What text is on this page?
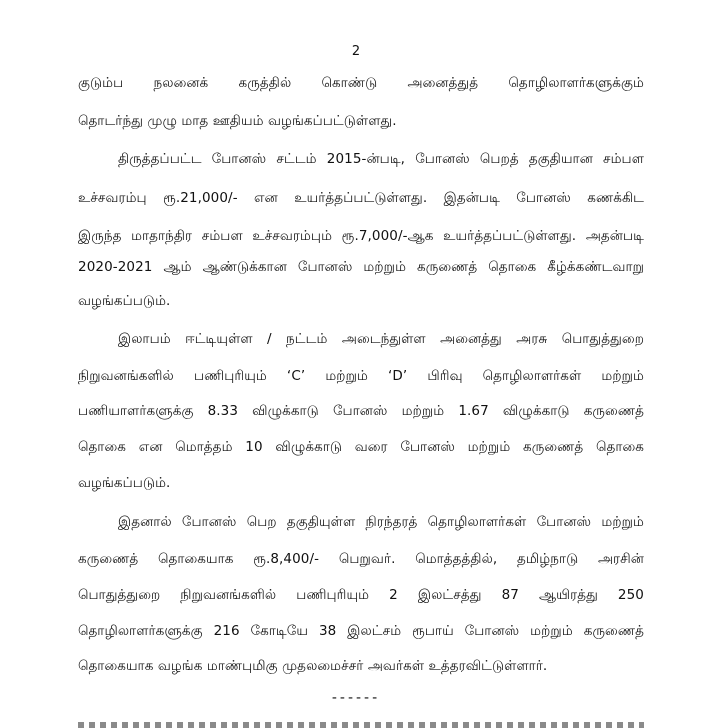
2
குடும்ப நலனைக் கருத்தில் கொண்டு அனைத்துத் தொழிலாளர்களுக்கும்
தொடர்ந்து முழு மாத ஊதியம் வழங்கப்பட்டுள்ளது.
திருத்தப்பட்ட போனஸ் சட்டம் 2015-ன்படி, போனஸ் பெறத் தகுதியான சம்பள
உச்சவரம்பு ரூ.21,000/- என உயர்த்தப்பட்டுள்ளது. இதன்படி போனஸ் கணக்கிட
இருந்த மாதாந்திர சம்பள உச்சவரம்பும் ரூ.7,000/-ஆக உயர்த்தப்பட்டுள்ளது. அதன்படி
2020-2021 ஆம் ஆண்டுக்கான போனஸ் மற்றும் கருணைத் தொகை கீழ்க்கண்டவாறு
வழங்கப்படும்.
இலாபம் ஈட்டியுள்ள / நட்டம் அடைந்துள்ள அனைத்து அரசு பொதுத்துறை
நிறுவனங்களில் பணிபுரியும் ‘C’ மற்றும் ‘D’ பிரிவு தொழிலாளர்கள் மற்றும்
பணியாளர்களுக்கு 8.33 விழுக்காடு போனஸ் மற்றும் 1.67 விழுக்காடு கருணைத்
தொகை என மொத்தம் 10 விழுக்காடு வரை போனஸ் மற்றும் கருணைத் தொகை
வழங்கப்படும்.
இதனால் போனஸ் பெற தகுதியுள்ள நிரந்தரத் தொழிலாளர்கள் போனஸ் மற்றும்
கருணைத் தொகையாக ரூ.8,400/- பெறுவர். மொத்தத்தில், தமிழ்நாடு அரசின்
பொதுத்துறை நிறுவனங்களில் பணிபுரியும் 2 இலட்சத்து 87 ஆயிரத்து 250
தொழிலாளர்களுக்கு 216 கோடியே 38 இலட்சம் ரூபாய் போனஸ் மற்றும் கருணைத்
தொகையாக வழங்க மாண்புமிகு முதலமைச்சர் அவர்கள் உத்தரவிட்டுள்ளார்.
------
